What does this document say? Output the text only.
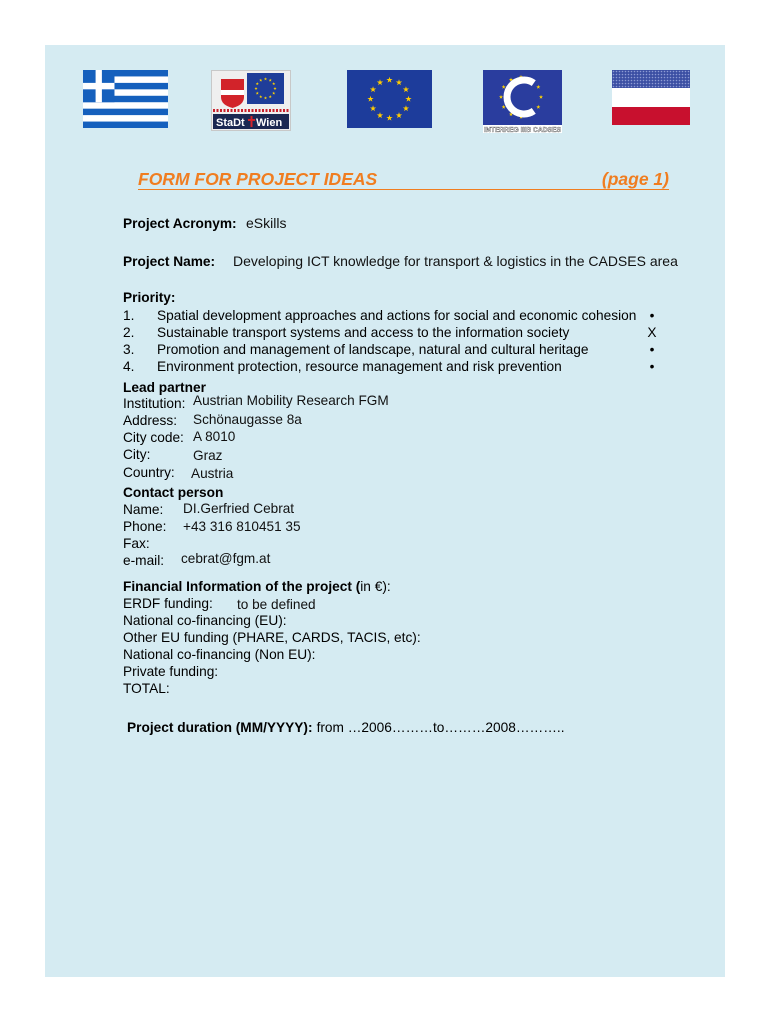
StaDt Wien
INTERREG IIIB CADSES
FORM FOR PROJECT IDEAS	(page 1)
Project Acronym: eSkills
Project Name: Developing ICT knowledge for transport & logistics in the CADSES area
Priority:
1. Spatial development approaches and actions for social and economic cohesion •
2. Sustainable transport systems and access to the information society	X
3. Promotion and management of landscape, natural and cultural heritage	•
4. Environment protection, resource management and risk prevention	•
Lead partner
Institution: Austrian Mobility Research FGM
Address: Schönaugasse 8a
City code: A 8010
City:	Graz
Country: Austria
Contact person
Name: DI.Gerfried Cebrat
Phone: +43 316 810451 35
Fax:
e-mail: cebrat@fgm.at
Financial Information of the project (in €):
ERDF funding: to be defined
National co-financing (EU):
Other EU funding (PHARE, CARDS, TACIS, etc):
National co-financing (Non EU):
Private funding:
TOTAL:
Project duration (MM/YYYY): from …2006………to………2008………..
